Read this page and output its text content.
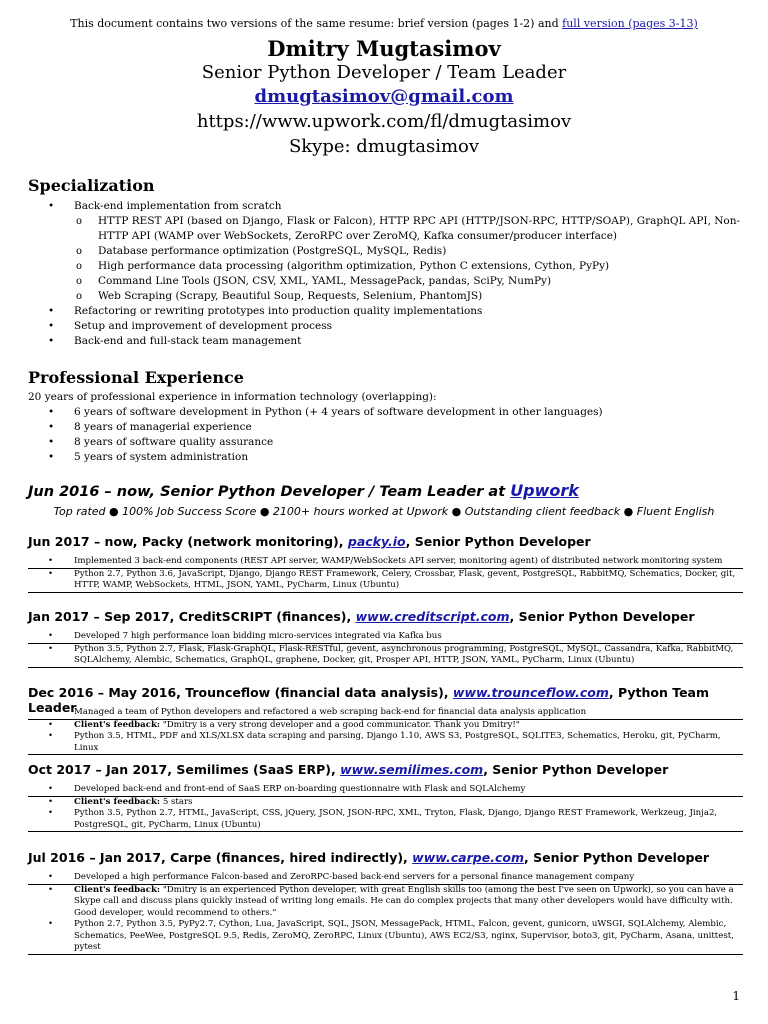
This document contains two versions of the same resume: brief version (pages 1-2) and full version (pages 3-13)
Dmitry Mugtasimov
Senior Python Developer / Team Leader
dmugtasimov@gmail.com
https://www.upwork.com/fl/dmugtasimov
Skype: dmugtasimov
Specialization
• Back-end implementation from scratch
o HTTP REST API (based on Django, Flask or Falcon), HTTP RPC API (HTTP/JSON-RPC, HTTP/SOAP), GraphQL API, Non-HTTP API (WAMP over WebSockets, ZeroRPC over ZeroMQ, Kafka consumer/producer interface)
o Database performance optimization (PostgreSQL, MySQL, Redis)
o High performance data processing (algorithm optimization, Python C extensions, Cython, PyPy)
o Command Line Tools (JSON, CSV, XML, YAML, MessagePack, pandas, SciPy, NumPy)
o Web Scraping (Scrapy, Beautiful Soup, Requests, Selenium, PhantomJS)
• Refactoring or rewriting prototypes into production quality implementations
• Setup and improvement of development process
• Back-end and full-stack team management
Professional Experience
20 years of professional experience in information technology (overlapping):
• 6 years of software development in Python (+ 4 years of software development in other languages)
• 8 years of managerial experience
• 8 years of software quality assurance
• 5 years of system administration
Jun 2016 – now, Senior Python Developer / Team Leader at Upwork
Top rated ● 100% Job Success Score ● 2100+ hours worked at Upwork ● Outstanding client feedback ● Fluent English
Jun 2017 – now, Packy (network monitoring), packy.io, Senior Python Developer
• Implemented 3 back-end components (REST API server, WAMP/WebSockets API server, monitoring agent) of distributed network monitoring system
• Python 2.7, Python 3.6, JavaScript, Django, Django REST Framework, Celery, Crossbar, Flask, gevent, PostgreSQL, RabbitMQ, Schematics, Docker, git, HTTP, WAMP, WebSockets, HTML, JSON, YAML, PyCharm, Linux (Ubuntu)
Jan 2017 – Sep 2017, CreditSCRIPT (finances), www.creditscript.com, Senior Python Developer
• Developed 7 high performance loan bidding micro-services integrated via Kafka bus
• Python 3.5, Python 2.7, Flask, Flask-GraphQL, Flask-RESTful, gevent, asynchronous programming, PostgreSQL, MySQL, Cassandra, Kafka, RabbitMQ, SQLAlchemy, Alembic, Schematics, GraphQL, graphene, Docker, git, Prosper API, HTTP, JSON, YAML, PyCharm, Linux (Ubuntu)
Dec 2016 – May 2016, Trounceflow (financial data analysis), www.trounceflow.com, Python Team Leader
• Managed a team of Python developers and refactored a web scraping back-end for financial data analysis application
• Client's feedback: "Dmitry is a very strong developer and a good communicator. Thank you Dmitry!"
• Python 3.5, HTML, PDF and XLS/XLSX data scraping and parsing, Django 1.10, AWS S3, PostgreSQL, SQLITE3, Schematics, Heroku, git, PyCharm, Linux
Oct 2017 – Jan 2017, Semilimes (SaaS ERP), www.semilimes.com, Senior Python Developer
• Developed back-end and front-end of SaaS ERP on-boarding questionnaire with Flask and SQLAlchemy
• Client's feedback: 5 stars
• Python 3.5, Python 2.7, HTML, JavaScript, CSS, jQuery, JSON, JSON-RPC, XML, Tryton, Flask, Django, Django REST Framework, Werkzeug, Jinja2, PostgreSQL, git, PyCharm, Linux (Ubuntu)
Jul 2016 – Jan 2017, Carpe (finances, hired indirectly), www.carpe.com, Senior Python Developer
• Developed a high performance Falcon-based and ZeroRPC-based back-end servers for a personal finance management company
• Client's feedback: "Dmitry is an experienced Python developer, with great English skills too (among the best I've seen on Upwork), so you can have a Skype call and discuss plans quickly instead of writing long emails. He can do complex projects that many other developers would have difficulty with. Good developer, would recommend to others."
• Python 2.7, Python 3.5, PyPy2.7, Cython, Lua, JavaScript, SQL, JSON, MessagePack, HTML, Falcon, gevent, gunicorn, uWSGI, SQLAlchemy, Alembic, Schematics, PeeWee, PostgreSQL 9.5, Redis, ZeroMQ, ZeroRPC, Linux (Ubuntu), AWS EC2/S3, nginx, Supervisor, boto3, git, PyCharm, Asana, unittest, pytest
1
